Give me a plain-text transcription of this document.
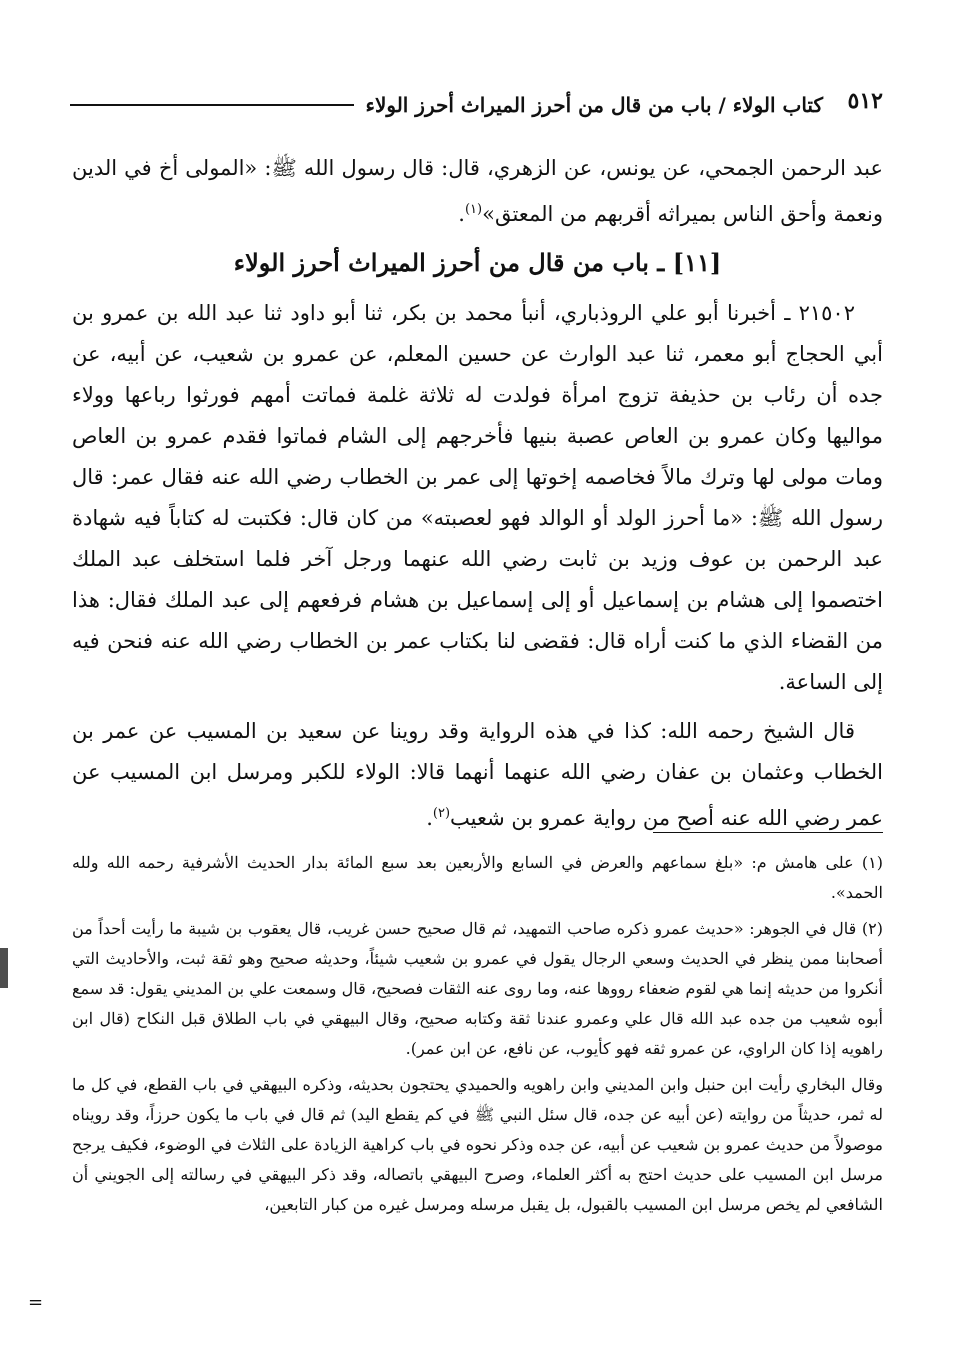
٥١٢
كتاب الولاء / باب من قال من أحرز الميراث أحرز الولاء

عبد الرحمن الجمحي، عن يونس، عن الزهري، قال: قال رسول الله ﷺ: «المولى أخ في الدين ونعمة وأحق الناس بميراثه أقربهم من المعتق»$^{(١)}$.

[١١] ـ باب من قال من أحرز الميراث أحرز الولاء

٢١٥٠٢ ـ أخبرنا أبو علي الروذباري، أنبأ محمد بن بكر، ثنا أبو داود ثنا عبد الله بن عمرو بن أبي الحجاج أبو معمر، ثنا عبد الوارث عن حسين المعلم، عن عمرو بن شعيب، عن أبيه، عن جده أن رئاب بن حذيفة تزوج امرأة فولدت له ثلاثة غلمة فماتت أمهم فورثوا رباعها وولاء مواليها وكان عمرو بن العاص عصبة بنيها فأخرجهم إلى الشام فماتوا فقدم عمرو بن العاص ومات مولى لها وترك مالاً فخاصمه إخوتها إلى عمر بن الخطاب رضي الله عنه فقال عمر: قال رسول الله ﷺ: «ما أحرز الولد أو الوالد فهو لعصبته» من كان قال: فكتبت له كتاباً فيه شهادة عبد الرحمن بن عوف وزيد بن ثابت رضي الله عنهما ورجل آخر فلما استخلف عبد الملك اختصموا إلى هشام بن إسماعيل أو إلى إسماعيل بن هشام فرفعهم إلى عبد الملك فقال: هذا من القضاء الذي ما كنت أراه قال: فقضى لنا بكتاب عمر بن الخطاب رضي الله عنه فنحن فيه إلى الساعة.

قال الشيخ رحمه الله: كذا في هذه الرواية وقد روينا عن سعيد بن المسيب عن عمر بن الخطاب وعثمان بن عفان رضي الله عنهما أنهما قالا: الولاء للكبر ومرسل ابن المسيب عن عمر رضي الله عنه أصح من رواية عمرو بن شعيب$^{(٢)}$.

(١) على هامش م: «بلغ سماعهم والعرض في السابع والأربعين بعد سبع المائة بدار الحديث الأشرفية رحمه الله ولله الحمد».

(٢) قال في الجوهر: «حديث عمرو ذكره صاحب التمهيد، ثم قال صحيح حسن غريب، قال يعقوب بن شيبة ما رأيت أحداً من أصحابنا ممن ينظر في الحديث وسعي الرجال يقول في عمرو بن شعيب شيئاً، وحديثه صحيح وهو ثقة ثبت، والأحاديث التي أنكروا من حديثه إنما هي لقوم ضعفاء رووها عنه، وما روى عنه الثقات فصحيح، قال وسمعت علي بن المديني يقول: قد سمع أبوه شعيب من جده عبد الله قال علي وعمرو عندنا ثقة وكتابه صحيح، وقال البيهقي في باب الطلاق قبل النكاح (قال ابن راهويه إذا كان الراوي، عن عمرو ثقه فهو كأيوب، عن نافع، عن ابن عمر).

وقال البخاري رأيت ابن حنبل وابن المديني وابن راهويه والحميدي يحتجون بحديثه، وذكره البيهقي في باب القطع، في كل ما له ثمر، حديثاً من روايته (عن أبيه عن جده، قال سئل النبي ﷺ في كم يقطع اليد) ثم قال في باب ما يكون حرزاً، وقد رويناه موصولاً من حديث عمرو بن شعيب عن أبيه، عن جده وذكر نحوه في باب كراهية الزيادة على الثلاث في الوضوء، فكيف يرجح مرسل ابن المسيب على حديث احتج به أكثر العلماء، وصرح البيهقي باتصاله، وقد ذكر البيهقي في رسالته إلى الجويني أن الشافعي لم يخص مرسل ابن المسيب بالقبول، بل يقبل مرسله ومرسل غيره من كبار التابعين،

=
